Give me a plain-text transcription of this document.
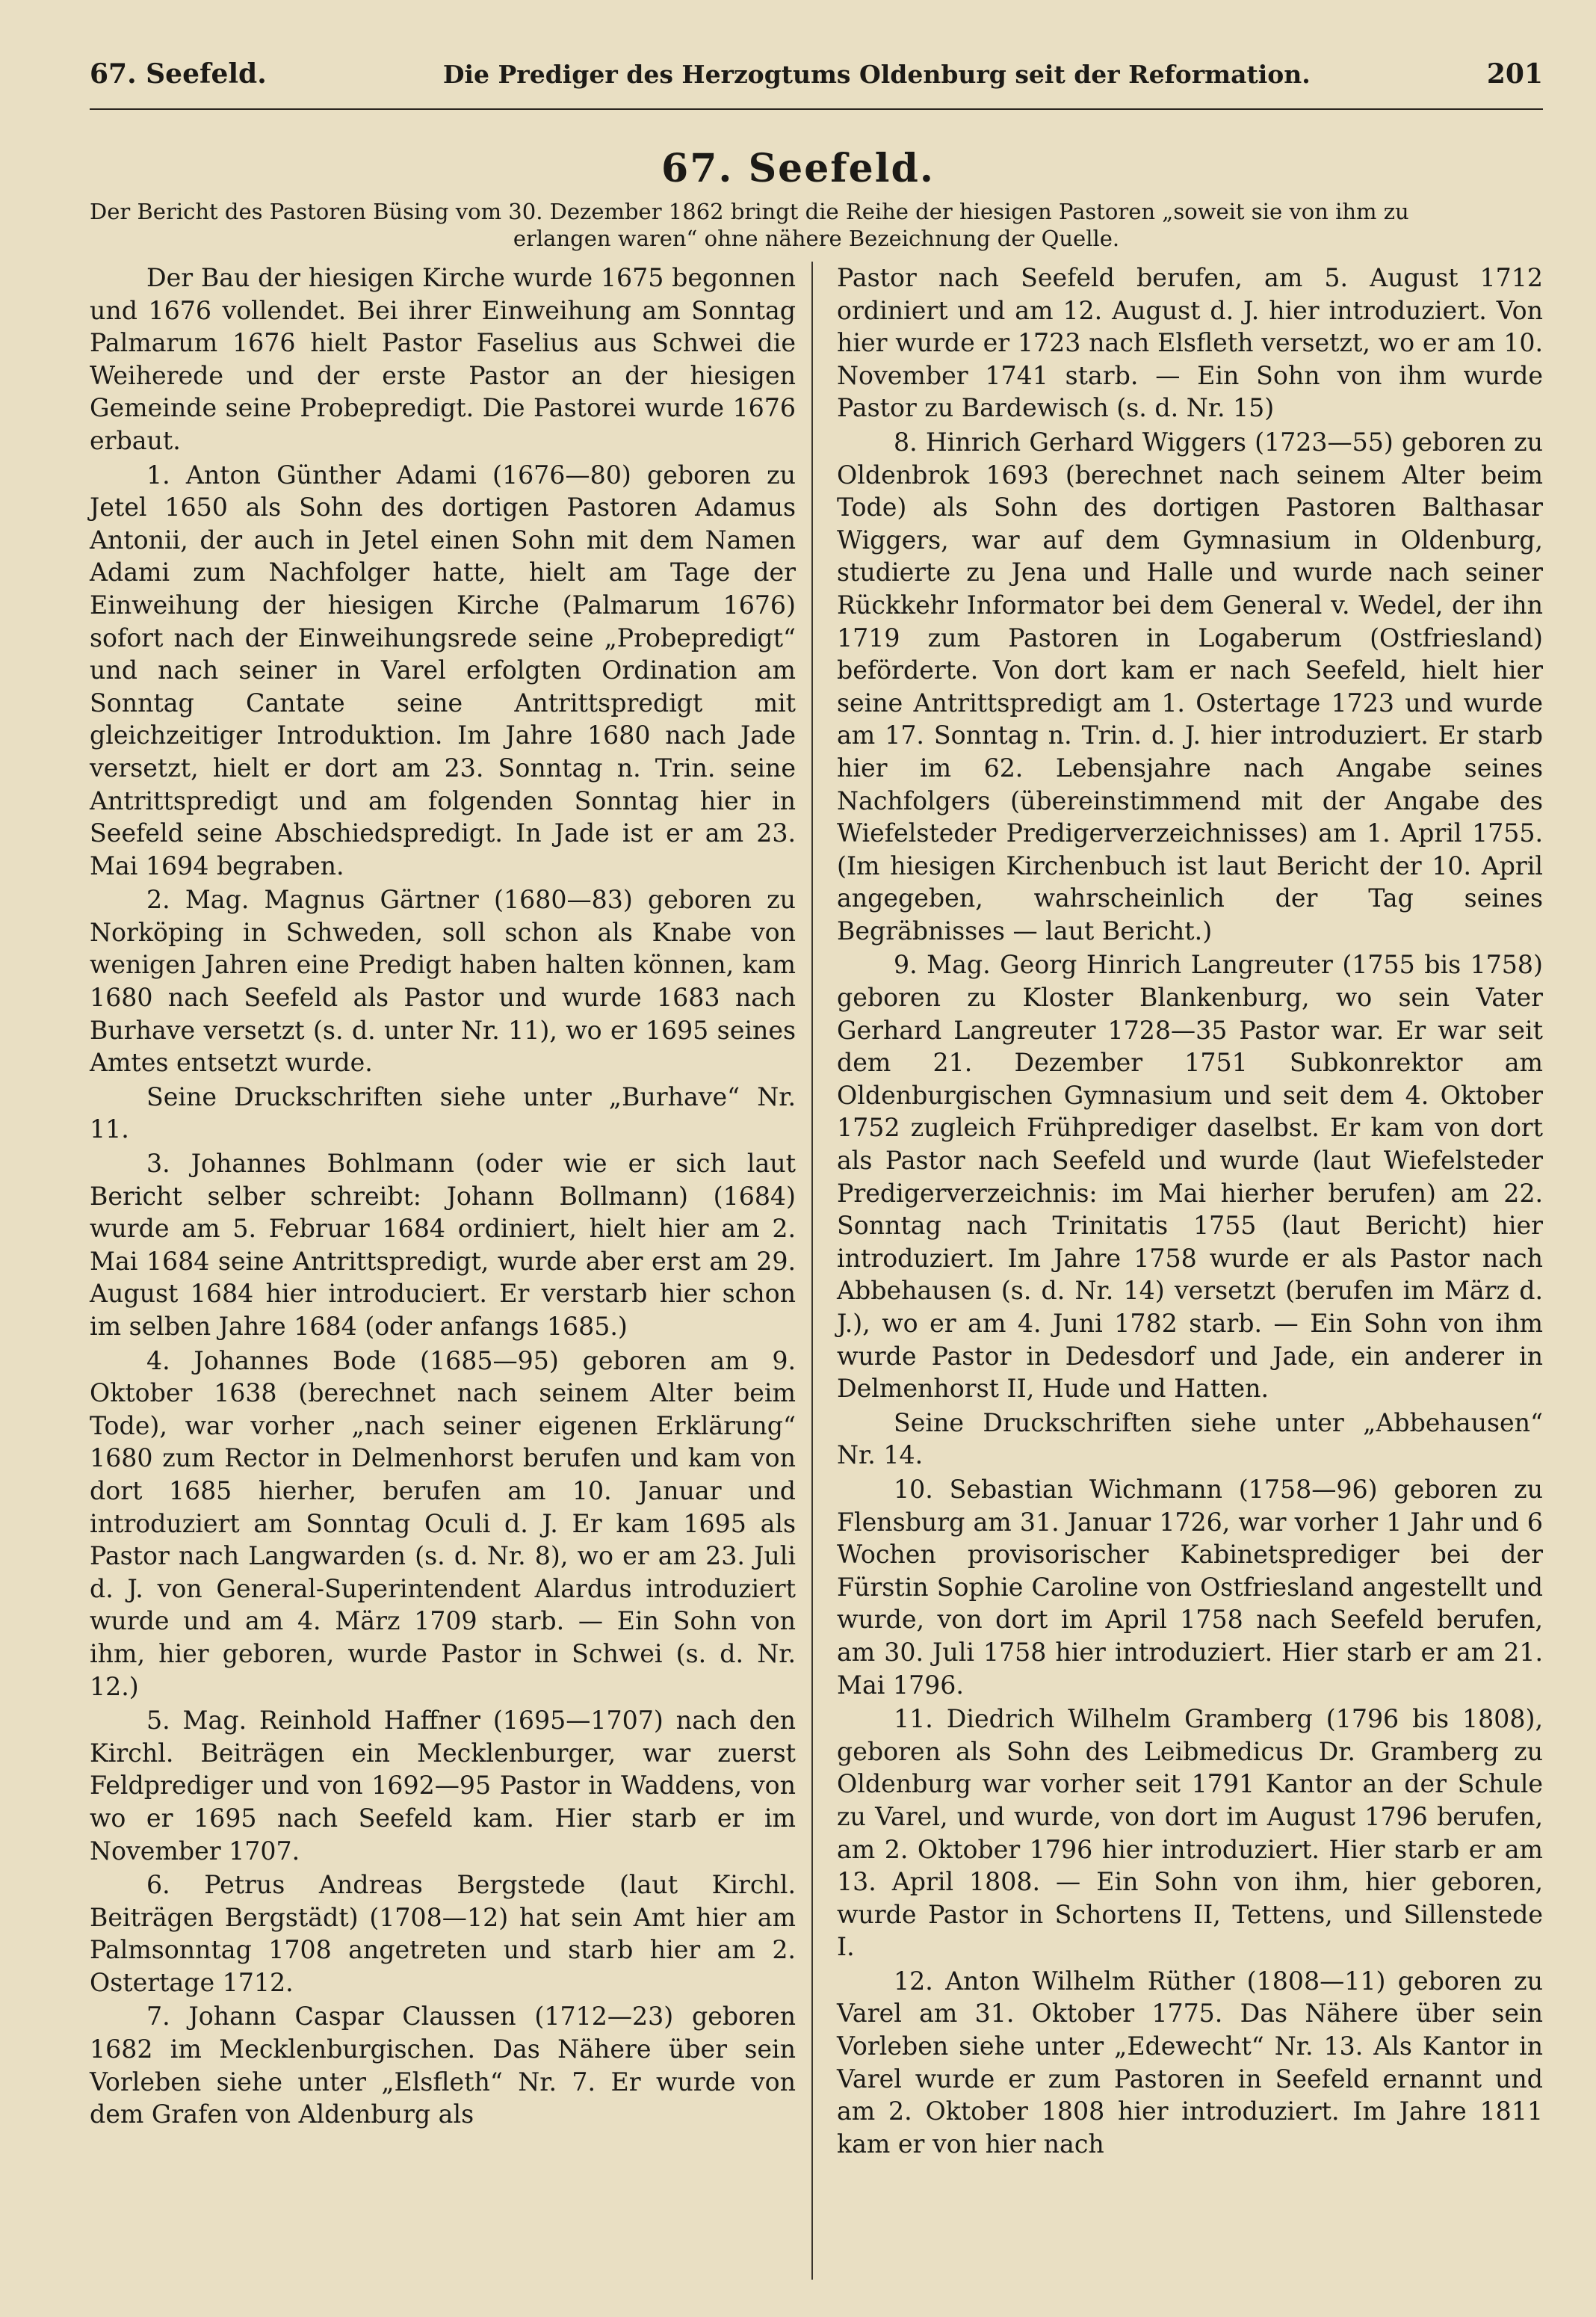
67. Seefeld.	Die Prediger des Herzogtums Oldenburg seit der Reformation.	201
67. Seefeld.
Der Bericht des Pastoren Büsing vom 30. Dezember 1862 bringt die Reihe der hiesigen Pastoren „soweit sie von ihm zu
erlangen waren“ ohne nähere Bezeichnung der Quelle.

Der Bau der hiesigen Kirche wurde 1675 begonnen und 1676 vollendet. Bei ihrer Einweihung am Sonntag Palmarum 1676 hielt Pastor Faselius aus Schwei die Weiherede und der erste Pastor an der hiesigen Gemeinde seine Probepredigt. Die Pastorei wurde 1676 erbaut.

1. Anton Günther Adami (1676—80) geboren zu Jetel 1650 als Sohn des dortigen Pastoren Adamus Antonii, der auch in Jetel einen Sohn mit dem Namen Adami zum Nachfolger hatte, hielt am Tage der Einweihung der hiesigen Kirche (Palmarum 1676) sofort nach der Einweihungsrede seine „Probepredigt“ und nach seiner in Varel erfolgten Ordination am Sonntag Cantate seine Antrittspredigt mit gleichzeitiger Introduktion. Im Jahre 1680 nach Jade versetzt, hielt er dort am 23. Sonntag n. Trin. seine Antrittspredigt und am folgenden Sonntag hier in Seefeld seine Abschiedspredigt. In Jade ist er am 23. Mai 1694 begraben.

2. Mag. Magnus Gärtner (1680—83) geboren zu Norköping in Schweden, soll schon als Knabe von wenigen Jahren eine Predigt haben halten können, kam 1680 nach Seefeld als Pastor und wurde 1683 nach Burhave versetzt (s. d. unter Nr. 11), wo er 1695 seines Amtes entsetzt wurde.

Seine Druckschriften siehe unter „Burhave“ Nr. 11.

3. Johannes Bohlmann (oder wie er sich laut Bericht selber schreibt: Johann Bollmann) (1684) wurde am 5. Februar 1684 ordiniert, hielt hier am 2. Mai 1684 seine Antrittspredigt, wurde aber erst am 29. August 1684 hier introduciert. Er verstarb hier schon im selben Jahre 1684 (oder anfangs 1685.)

4. Johannes Bode (1685—95) geboren am 9. Oktober 1638 (berechnet nach seinem Alter beim Tode), war vorher „nach seiner eigenen Erklärung“ 1680 zum Rector in Delmenhorst berufen und kam von dort 1685 hierher, berufen am 10. Januar und introduziert am Sonntag Oculi d. J. Er kam 1695 als Pastor nach Langwarden (s. d. Nr. 8), wo er am 23. Juli d. J. von General-Superintendent Alardus introduziert wurde und am 4. März 1709 starb. — Ein Sohn von ihm, hier geboren, wurde Pastor in Schwei (s. d. Nr. 12.)

5. Mag. Reinhold Haffner (1695—1707) nach den Kirchl. Beiträgen ein Mecklenburger, war zuerst Feldprediger und von 1692—95 Pastor in Waddens, von wo er 1695 nach Seefeld kam. Hier starb er im November 1707.

6. Petrus Andreas Bergstede (laut Kirchl. Beiträgen Bergstädt) (1708—12) hat sein Amt hier am Palmsonntag 1708 angetreten und starb hier am 2. Ostertage 1712.

7. Johann Caspar Claussen (1712—23) geboren 1682 im Mecklenburgischen. Das Nähere über sein Vorleben siehe unter „Elsfleth“ Nr. 7. Er wurde von dem Grafen von Aldenburg als

Pastor nach Seefeld berufen, am 5. August 1712 ordiniert und am 12. August d. J. hier introduziert. Von hier wurde er 1723 nach Elsfleth versetzt, wo er am 10. November 1741 starb. — Ein Sohn von ihm wurde Pastor zu Bardewisch (s. d. Nr. 15)

8. Hinrich Gerhard Wiggers (1723—55) geboren zu Oldenbrok 1693 (berechnet nach seinem Alter beim Tode) als Sohn des dortigen Pastoren Balthasar Wiggers, war auf dem Gymnasium in Oldenburg, studierte zu Jena und Halle und wurde nach seiner Rückkehr Informator bei dem General v. Wedel, der ihn 1719 zum Pastoren in Logaberum (Ostfriesland) beförderte. Von dort kam er nach Seefeld, hielt hier seine Antrittspredigt am 1. Ostertage 1723 und wurde am 17. Sonntag n. Trin. d. J. hier introduziert. Er starb hier im 62. Lebensjahre nach Angabe seines Nachfolgers (übereinstimmend mit der Angabe des Wiefelsteder Predigerverzeichnisses) am 1. April 1755. (Im hiesigen Kirchenbuch ist laut Bericht der 10. April angegeben, wahrscheinlich der Tag seines Begräbnisses — laut Bericht.)

9. Mag. Georg Hinrich Langreuter (1755 bis 1758) geboren zu Kloster Blankenburg, wo sein Vater Gerhard Langreuter 1728—35 Pastor war. Er war seit dem 21. Dezember 1751 Subkonrektor am Oldenburgischen Gymnasium und seit dem 4. Oktober 1752 zugleich Frühprediger daselbst. Er kam von dort als Pastor nach Seefeld und wurde (laut Wiefelsteder Predigerverzeichnis: im Mai hierher berufen) am 22. Sonntag nach Trinitatis 1755 (laut Bericht) hier introduziert. Im Jahre 1758 wurde er als Pastor nach Abbehausen (s. d. Nr. 14) versetzt (berufen im März d. J.), wo er am 4. Juni 1782 starb. — Ein Sohn von ihm wurde Pastor in Dedesdorf und Jade, ein anderer in Delmenhorst II, Hude und Hatten.

Seine Druckschriften siehe unter „Abbehausen“ Nr. 14.

10. Sebastian Wichmann (1758—96) geboren zu Flensburg am 31. Januar 1726, war vorher 1 Jahr und 6 Wochen provisorischer Kabinetsprediger bei der Fürstin Sophie Caroline von Ostfriesland angestellt und wurde, von dort im April 1758 nach Seefeld berufen, am 30. Juli 1758 hier introduziert. Hier starb er am 21. Mai 1796.

11. Diedrich Wilhelm Gramberg (1796 bis 1808), geboren als Sohn des Leibmedicus Dr. Gramberg zu Oldenburg war vorher seit 1791 Kantor an der Schule zu Varel, und wurde, von dort im August 1796 berufen, am 2. Oktober 1796 hier introduziert. Hier starb er am 13. April 1808. — Ein Sohn von ihm, hier geboren, wurde Pastor in Schortens II, Tettens, und Sillenstede I.

12. Anton Wilhelm Rüther (1808—11) geboren zu Varel am 31. Oktober 1775. Das Nähere über sein Vorleben siehe unter „Edewecht“ Nr. 13. Als Kantor in Varel wurde er zum Pastoren in Seefeld ernannt und am 2. Oktober 1808 hier introduziert. Im Jahre 1811 kam er von hier nach
